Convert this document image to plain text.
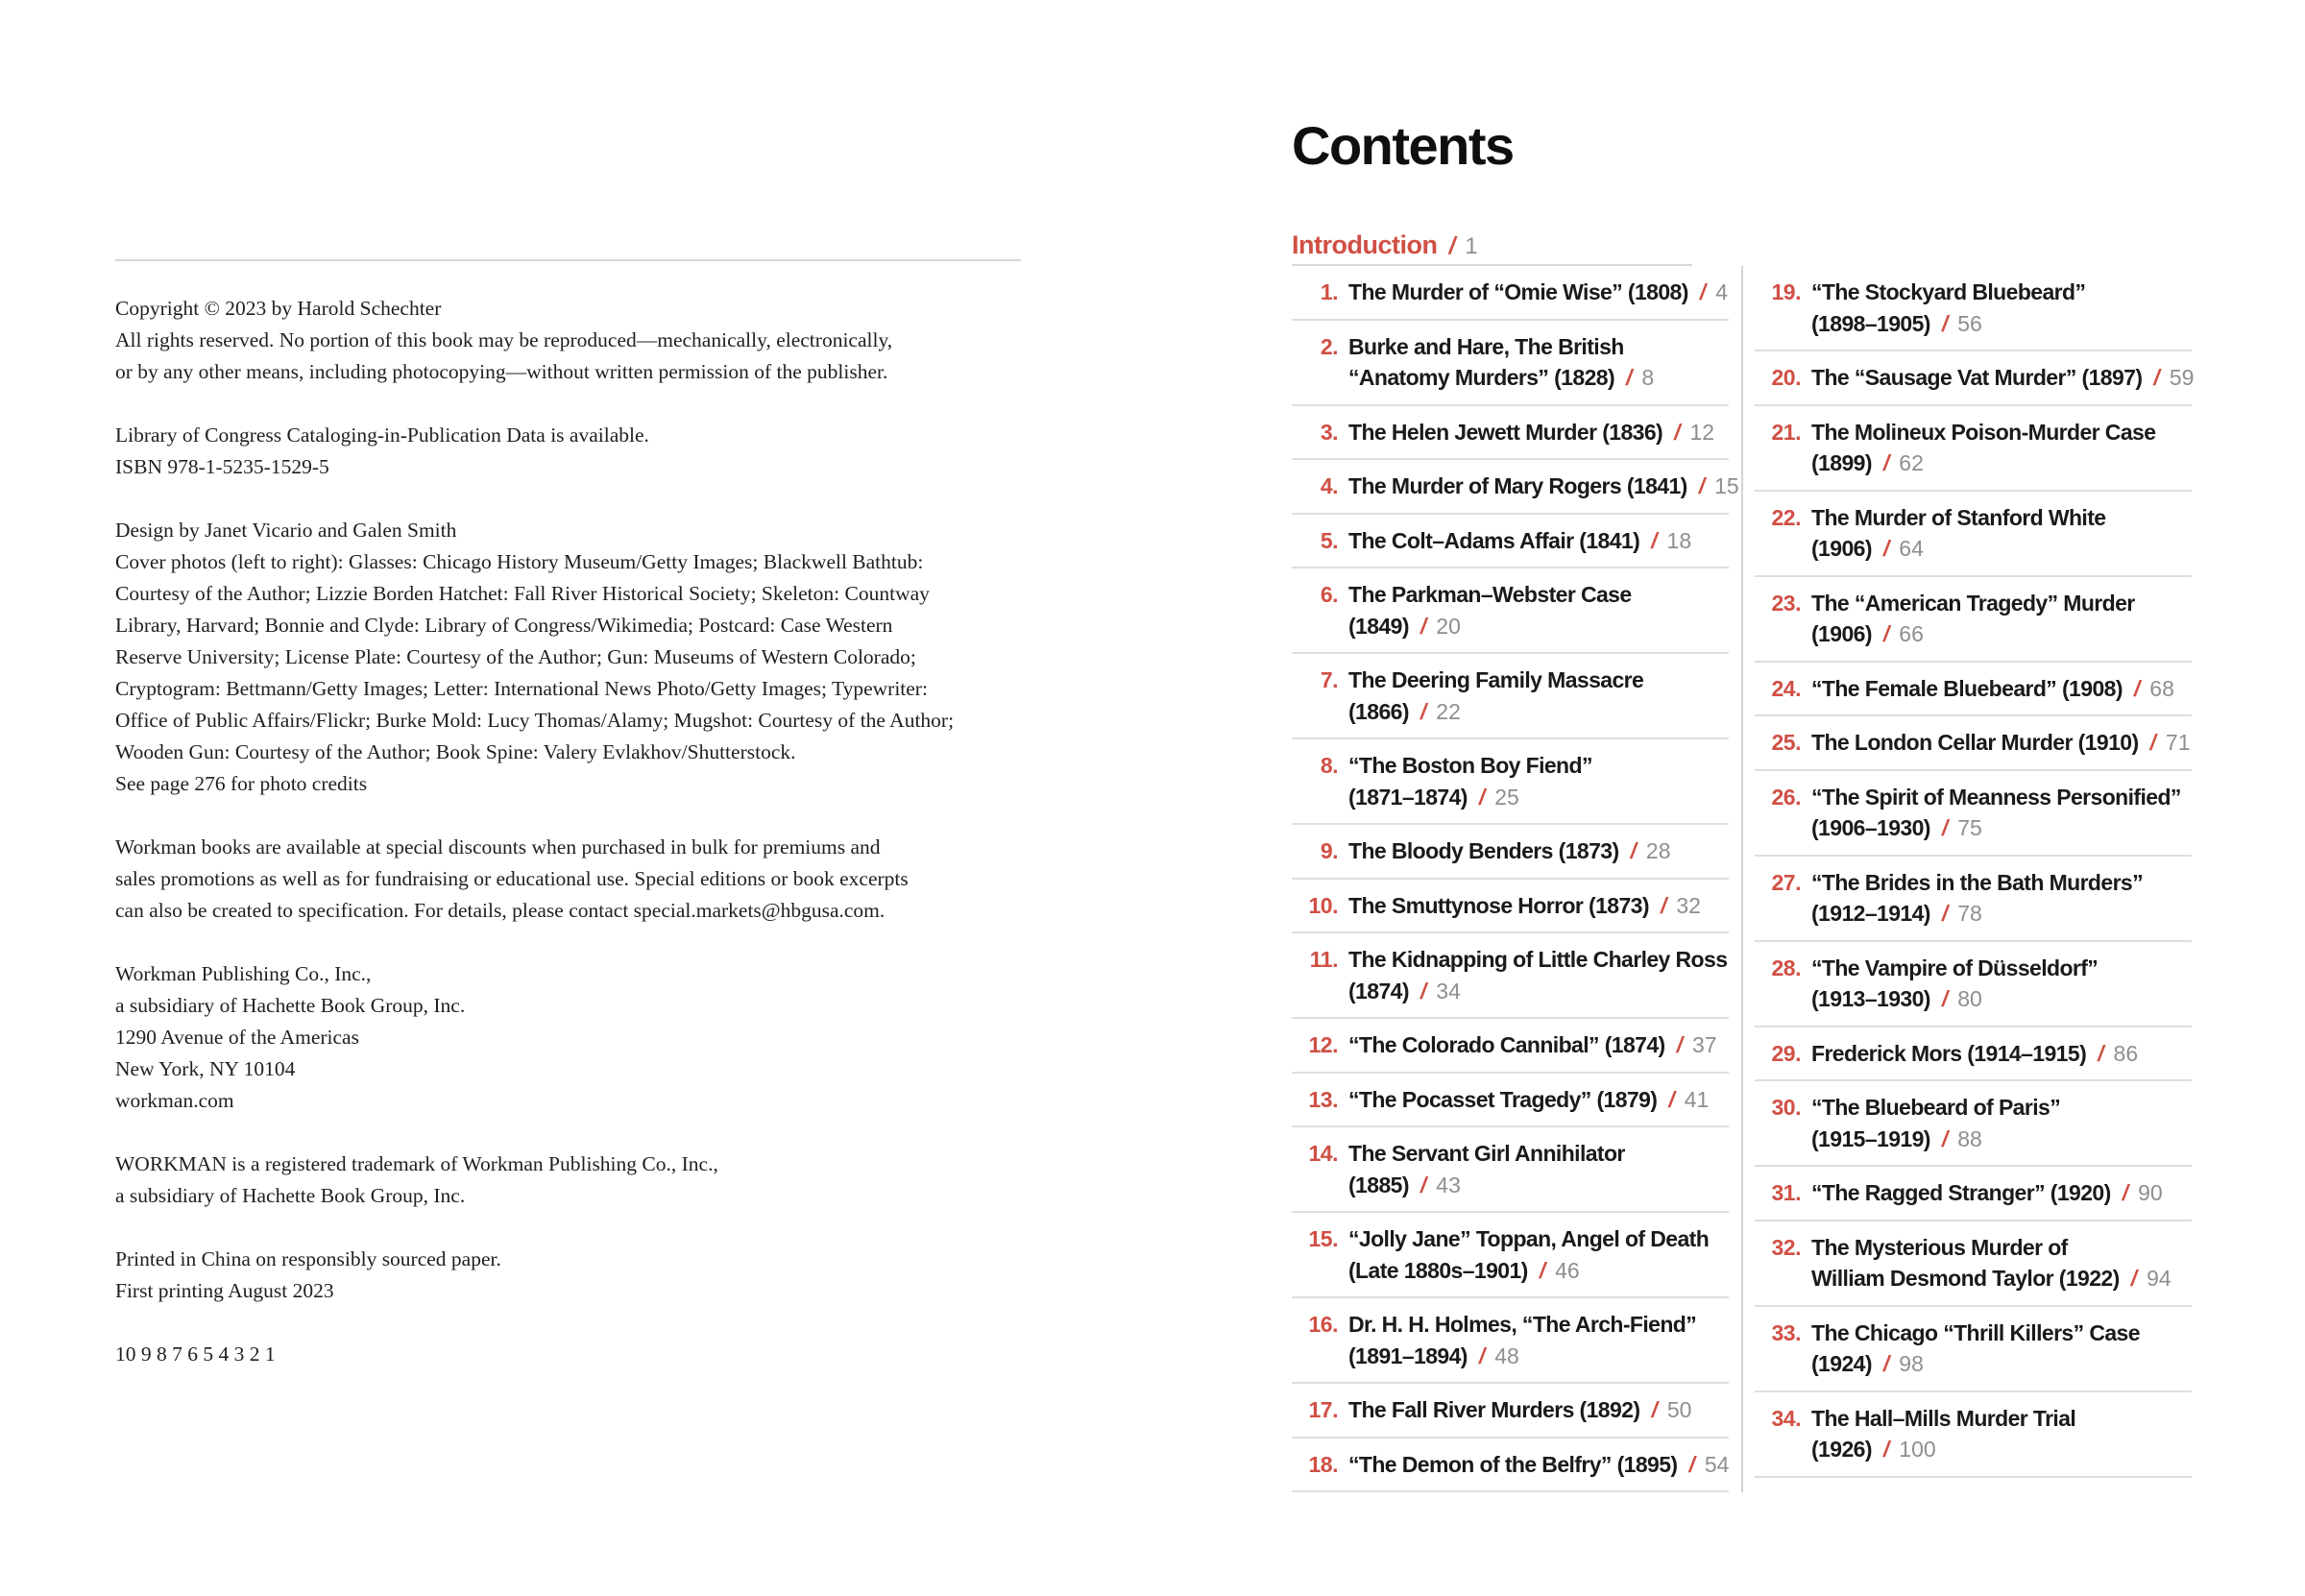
Copyright © 2023 by Harold Schechter
All rights reserved. No portion of this book may be reproduced—mechanically, electronically,
or by any other means, including photocopying—without written permission of the publisher.
Library of Congress Cataloging-in-Publication Data is available.
ISBN 978-1-5235-1529-5
Design by Janet Vicario and Galen Smith
Cover photos (left to right): Glasses: Chicago History Museum/Getty Images; Blackwell Bathtub:
Courtesy of the Author; Lizzie Borden Hatchet: Fall River Historical Society; Skeleton: Countway
Library, Harvard; Bonnie and Clyde: Library of Congress/Wikimedia; Postcard: Case Western
Reserve University; License Plate: Courtesy of the Author; Gun: Museums of Western Colorado;
Cryptogram: Bettmann/Getty Images; Letter: International News Photo/Getty Images; Typewriter:
Office of Public Affairs/Flickr; Burke Mold: Lucy Thomas/Alamy; Mugshot: Courtesy of the Author;
Wooden Gun: Courtesy of the Author; Book Spine: Valery Evlakhov/Shutterstock.
See page 276 for photo credits
Workman books are available at special discounts when purchased in bulk for premiums and
sales promotions as well as for fundraising or educational use. Special editions or book excerpts
can also be created to specification. For details, please contact special.markets@hbgusa.com.
Workman Publishing Co., Inc.,
a subsidiary of Hachette Book Group, Inc.
1290 Avenue of the Americas
New York, NY 10104
workman.com
WORKMAN is a registered trademark of Workman Publishing Co., Inc.,
a subsidiary of Hachette Book Group, Inc.
Printed in China on responsibly sourced paper.
First printing August 2023
10 9 8 7 6 5 4 3 2 1
Contents
Introduction / 1
1. The Murder of “Omie Wise” (1808) / 4
2. Burke and Hare, The British
“Anatomy Murders” (1828) / 8
3. The Helen Jewett Murder (1836) / 12
4. The Murder of Mary Rogers (1841) / 15
5. The Colt–Adams Affair (1841) / 18
6. The Parkman–Webster Case
(1849) / 20
7. The Deering Family Massacre
(1866) / 22
8. “The Boston Boy Fiend”
(1871–1874) / 25
9. The Bloody Benders (1873) / 28
10. The Smuttynose Horror (1873) / 32
11. The Kidnapping of Little Charley Ross
(1874) / 34
12. “The Colorado Cannibal” (1874) / 37
13. “The Pocasset Tragedy” (1879) / 41
14. The Servant Girl Annihilator
(1885) / 43
15. “Jolly Jane” Toppan, Angel of Death
(Late 1880s–1901) / 46
16. Dr. H. H. Holmes, “The Arch-Fiend”
(1891–1894) / 48
17. The Fall River Murders (1892) / 50
18. “The Demon of the Belfry” (1895) / 54
19. “The Stockyard Bluebeard”
(1898–1905) / 56
20. The “Sausage Vat Murder” (1897) / 59
21. The Molineux Poison-Murder Case
(1899) / 62
22. The Murder of Stanford White
(1906) / 64
23. The “American Tragedy” Murder
(1906) / 66
24. “The Female Bluebeard” (1908) / 68
25. The London Cellar Murder (1910) / 71
26. “The Spirit of Meanness Personified”
(1906–1930) / 75
27. “The Brides in the Bath Murders”
(1912–1914) / 78
28. “The Vampire of Düsseldorf”
(1913–1930) / 80
29. Frederick Mors (1914–1915) / 86
30. “The Bluebeard of Paris”
(1915–1919) / 88
31. “The Ragged Stranger” (1920) / 90
32. The Mysterious Murder of
William Desmond Taylor (1922) / 94
33. The Chicago “Thrill Killers” Case
(1924) / 98
34. The Hall–Mills Murder Trial
(1926) / 100
